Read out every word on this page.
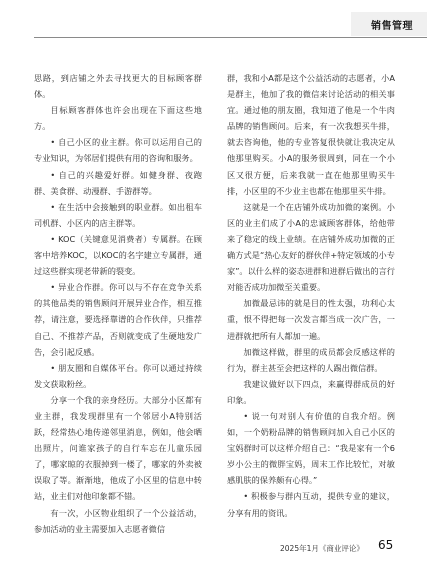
销售管理

思路，到店铺之外去寻找更大的目标顾客群体。

目标顾客群体也许会出现在下面这些地方。

• 自己小区的业主群。你可以运用自己的专业知识，为邻居们提供有用的咨询和服务。

• 自己的兴趣爱好群。如健身群、夜跑群、美食群、动漫群、手游群等。

• 在生活中会接触到的职业群。如出租车司机群、小区内的店主群等。

• KOC（关键意见消费者）专属群。在顾客中培养KOC，以KOC的名字建立专属群，通过这些群实现老带新的裂变。

• 异业合作群。你可以与不存在竞争关系的其他品类的销售顾问开展异业合作，相互推荐，请注意，要选择靠谱的合作伙伴，只推荐自己、不推荐产品，否则就变成了生硬地发广告，会引起反感。

• 朋友圈和自媒体平台。你可以通过持续发文获取粉丝。

分享一个我的亲身经历。大部分小区都有业主群，我发现群里有一个邻居小A特别活跃，经常热心地传递邻里消息，例如，他会晒出照片，问谁家孩子的自行车忘在儿童乐园了，哪家晾的衣服掉到一楼了，哪家的外卖被误取了等。渐渐地，他成了小区里的信息中转站，业主们对他印象都不错。

有一次，小区物业组织了一个公益活动，参加活动的业主需要加入志愿者微信

群，我和小A都是这个公益活动的志愿者，小A是群主，他加了我的微信来讨论活动的相关事宜。通过他的朋友圈，我知道了他是一个牛肉品牌的销售顾问。后来，有一次我想买牛排，就去咨询他，他的专业答复很快就让我决定从他那里购买。小A的服务很周到，同在一个小区又很方便，后来我就一直在他那里购买牛排，小区里的不少业主也都在他那里买牛排。

这就是一个在店铺外成功加微的案例。小区的业主们成了小A的忠诚顾客群体，给他带来了稳定的线上业绩。在店铺外成功加微的正确方式是“热心友好的群伙伴+特定领域的小专家”。以什么样的姿态进群和进群后做出的言行对能否成功加微至关重要。

加微最忌讳的就是目的性太强，功利心太重，恨不得把每一次发言都当成一次广告，一进群就把所有人都加一遍。

加微这样做，群里的成员都会反感这样的行为，群主甚至会把这样的人踢出微信群。

我建议做好以下四点，来赢得群成员的好印象。

• 说一句对别人有价值的自我介绍。例如，一个奶粉品牌的销售顾问加入自己小区的宝妈群时可以这样介绍自己：“我是家有一个6岁小公主的微胖宝妈，周末工作比较忙，对敏感肌肤的保养颇有心得。”

• 积极参与群内互动，提供专业的建议，分享有用的资讯。

2025年1月《商业评论》 65
